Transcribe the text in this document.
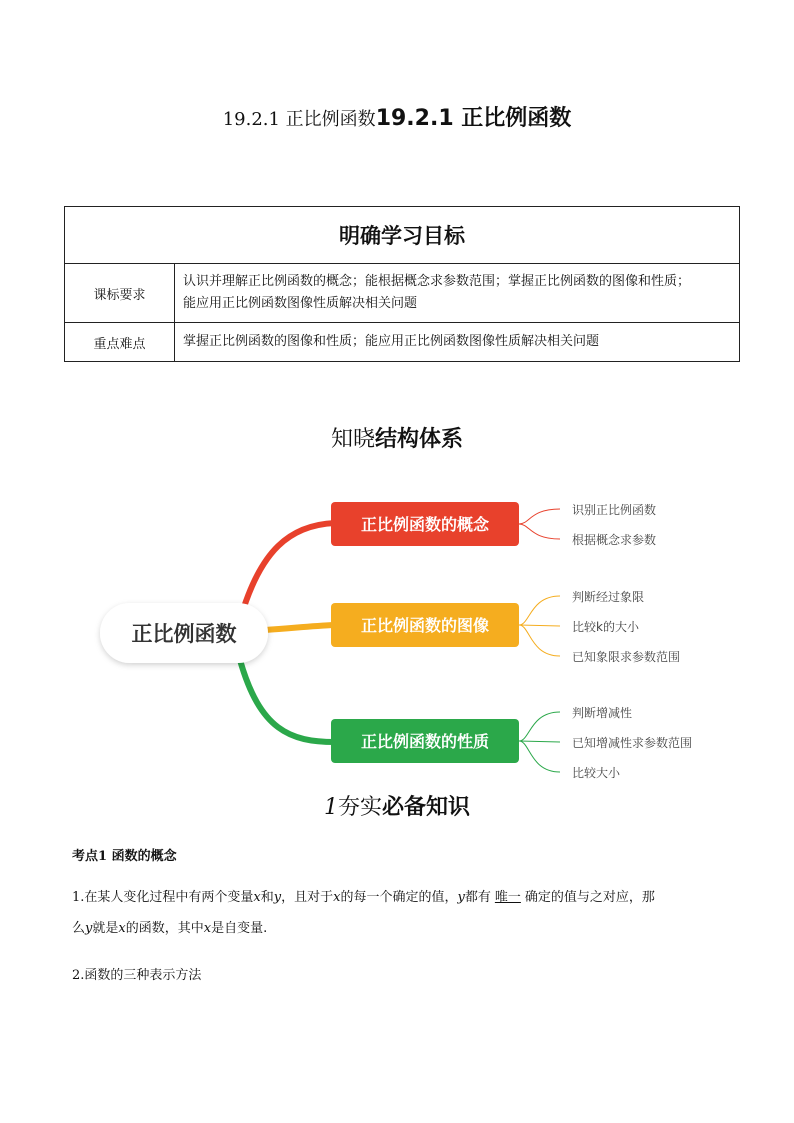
19.2.1 正比例函数19.2.1 正比例函数
明确学习目标	
课标要求	认识并理解正比例函数的概念；能根据概念求参数范围；掌握正比例函数的图像和性质；
能应用正比例函数图像性质解决相关问题

重点难点	掌握正比例函数的图像和性质；能应用正比例函数图像性质解决相关问题
知晓结构体系
正比例函数
正比例函数的概念
识别正比例函数
根据概念求参数
正比例函数的图像
判断经过象限
比较k的大小
已知象限求参数范围
正比例函数的性质
判断增减性
已知增减性求参数范围
比较大小
1夯实必备知识
考点1 函数的概念
1.在某人变化过程中有两个变量x和y，且对于x的每一个确定的值，y都有 唯一 确定的值与之对应，那
么y就是x的函数，其中x是自变量.
2.函数的三种表示方法
